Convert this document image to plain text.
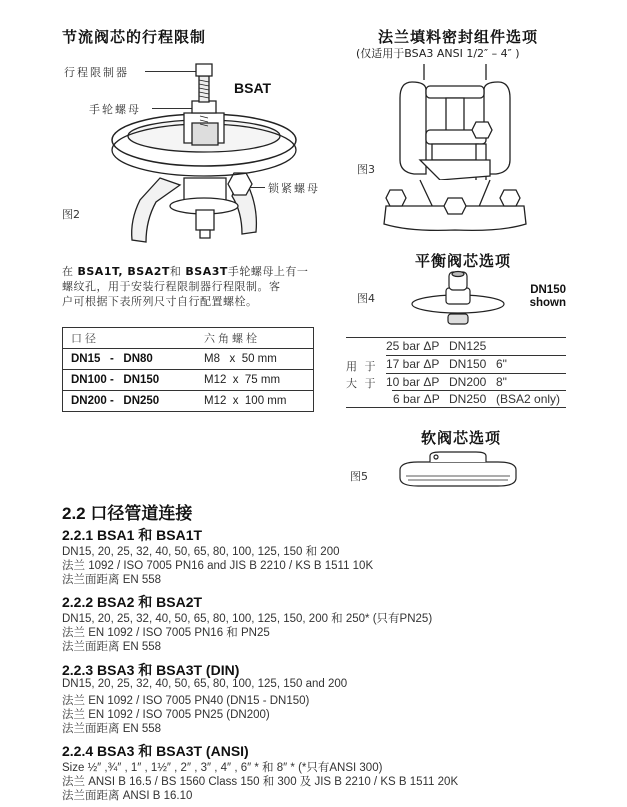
节流阀芯的行程限制
行程限制器
手轮螺母
BSAT
锁紧螺母
图2
在 BSA1T, BSA2T和 BSA3T手轮螺母上有一
螺纹孔，用于安装行程限制器行程限制。客
户可根据下表所列尺寸自行配置螺栓。
口径	六角螺栓
DN15   -   DN80	M8   x  50 mm
DN100 -   DN150	M12  x  75 mm
DN200 -   DN250	M12  x  100 mm
法兰填料密封组件选项
(仅适用于BSA3 ANSI 1/2″ – 4″ )
图3
平衡阀芯选项
图4
DN150
shown
用 于
大 于
25 bar ΔP DN125
17 bar ΔP DN150 6"
10 bar ΔP DN200 8"
6 bar ΔP DN250 (BSA2 only)
软阀芯选项
图5
2.2 口径管道连接
2.2.1 BSA1 和 BSA1T
DN15, 20, 25, 32, 40, 50, 65, 80, 100, 125, 150 和 200
法兰 1092 / ISO 7005 PN16 and JIS B 2210 / KS B 1511 10K
法兰面距离 EN 558
2.2.2 BSA2 和 BSA2T
DN15, 20, 25, 32, 40, 50, 65, 80, 100, 125, 150, 200 和 250* (只有PN25)
法兰 EN 1092 / ISO 7005 PN16 和 PN25
法兰面距离 EN 558
2.2.3 BSA3 和 BSA3T (DIN)
DN15, 20, 25, 32, 40, 50, 65, 80, 100, 125, 150 and 200
法兰 EN 1092 / ISO 7005 PN40 (DN15 - DN150)
法兰 EN 1092 / ISO 7005 PN25 (DN200)
法兰面距离 EN 558
2.2.4 BSA3 和 BSA3T (ANSI)
Size ½″ ,¾″ , 1″ , 1½″ , 2″ , 3″ , 4″ , 6″ * 和 8″ * (*只有ANSI 300)
法兰 ANSI B 16.5 / BS 1560 Class 150 和 300 及 JIS B 2210 / KS B 1511 20K
法兰面距离 ANSI B 16.10
